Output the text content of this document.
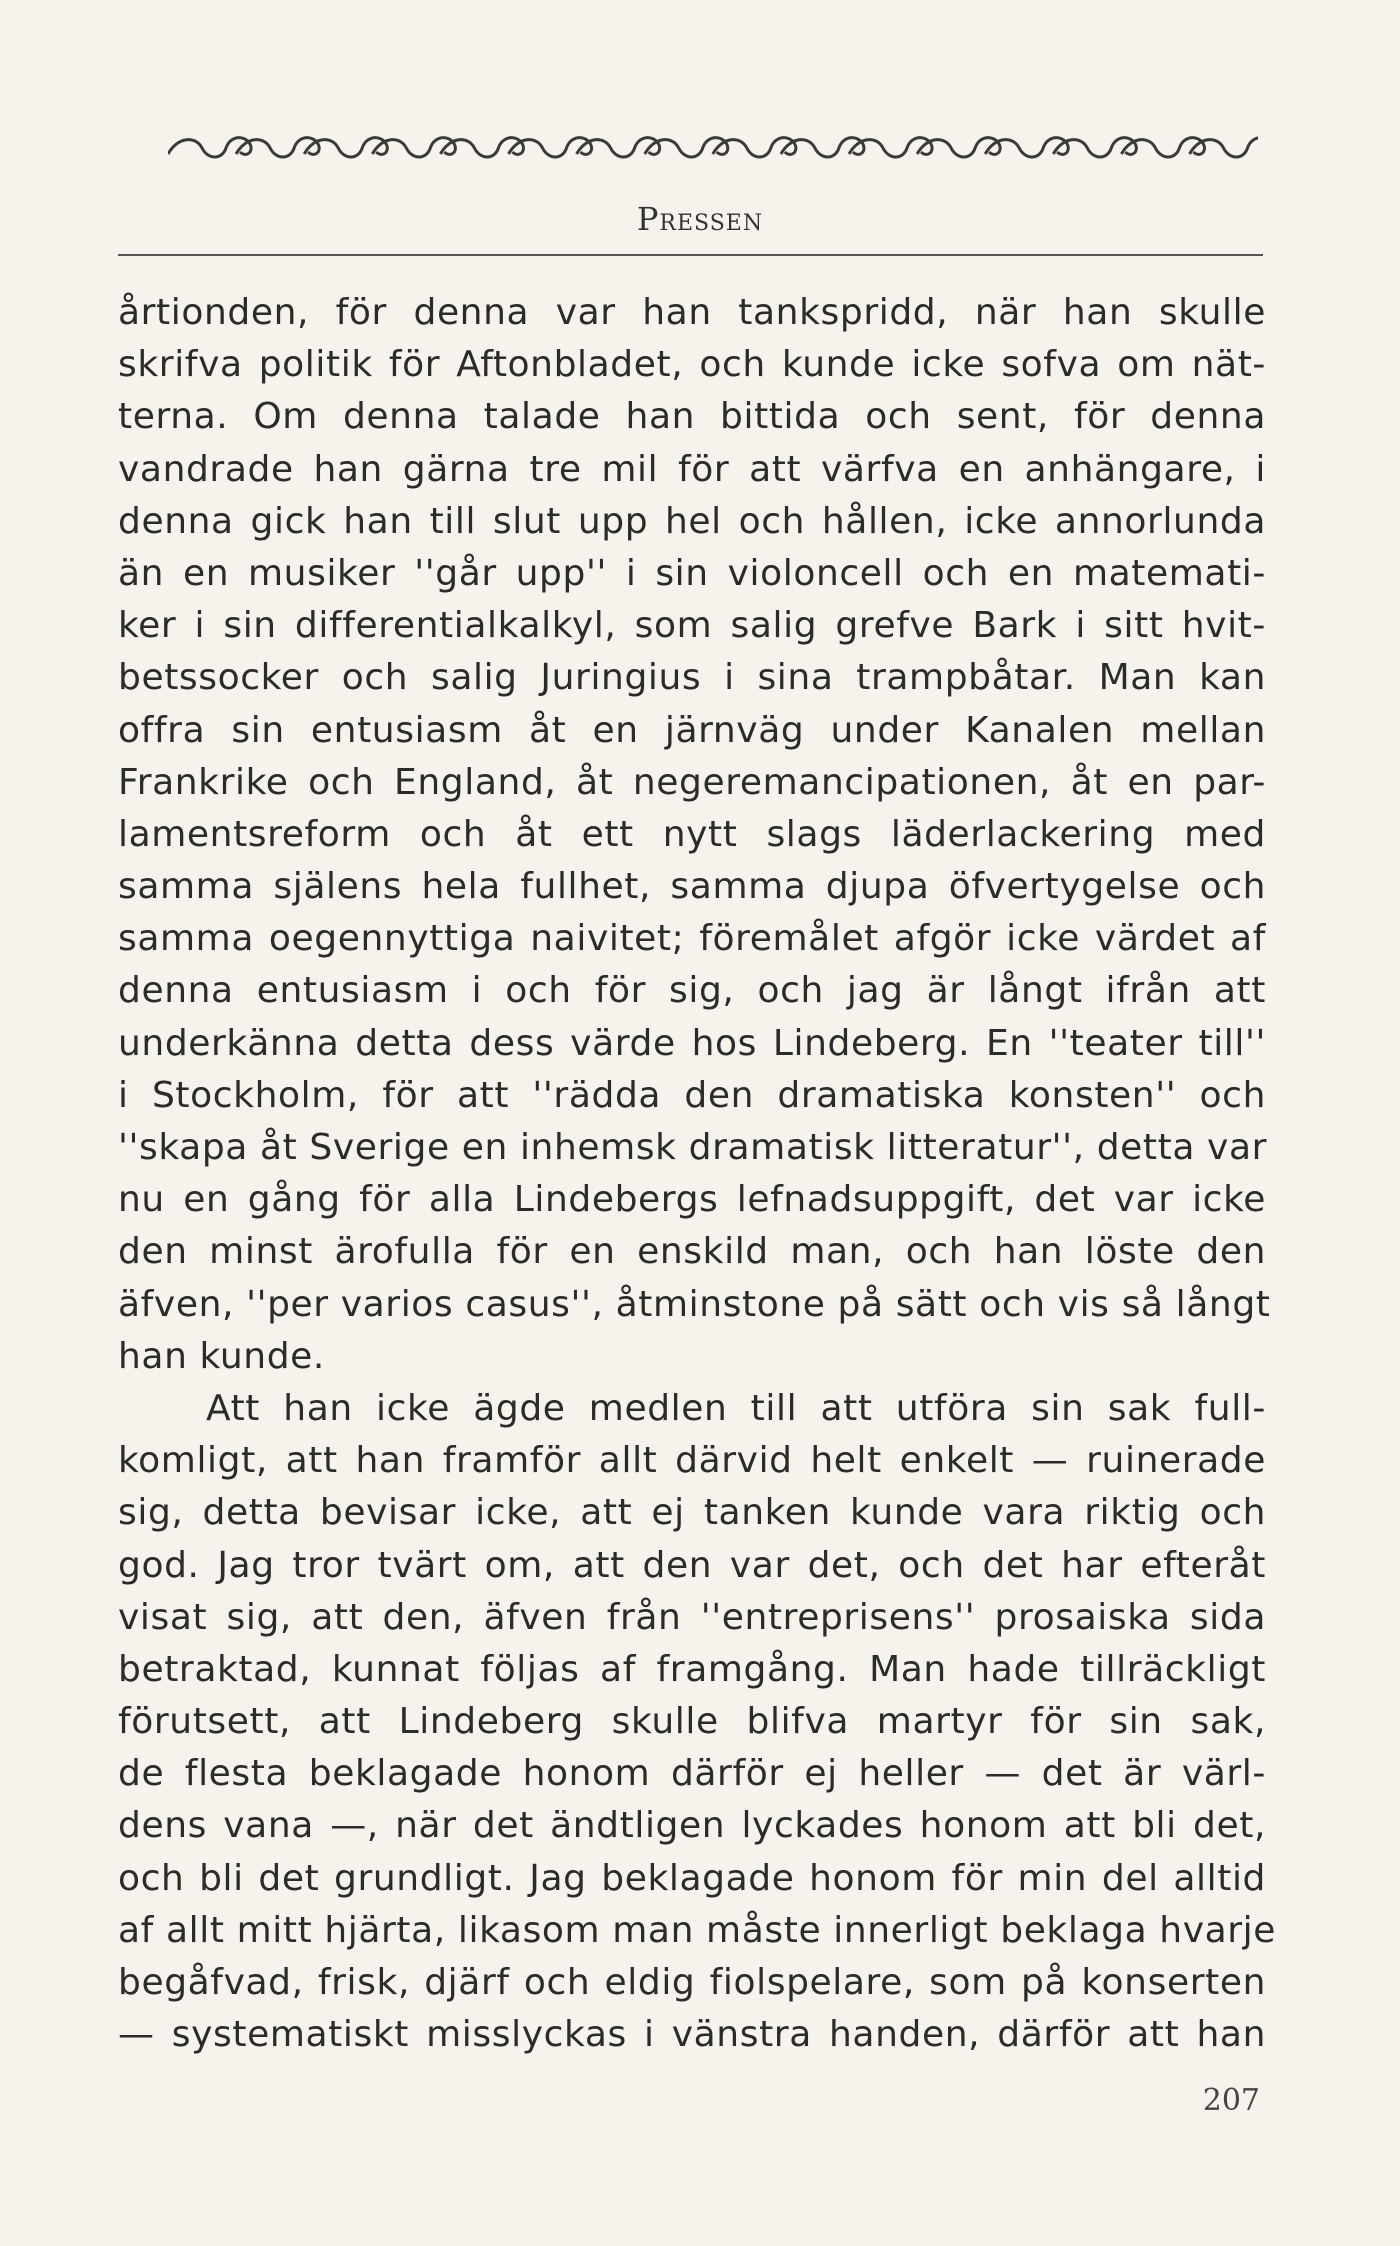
Pressen
årtionden, för denna var han tankspridd, när han skulle
skrifva politik för Aftonbladet, och kunde icke sofva om nät-
terna. Om denna talade han bittida och sent, för denna
vandrade han gärna tre mil för att värfva en anhängare, i
denna gick han till slut upp hel och hållen, icke annorlunda
än en musiker ''går upp'' i sin violoncell och en matemati-
ker i sin differentialkalkyl, som salig grefve Bark i sitt hvit-
betssocker och salig Juringius i sina trampbåtar. Man kan
offra sin entusiasm åt en järnväg under Kanalen mellan
Frankrike och England, åt negeremancipationen, åt en par-
lamentsreform och åt ett nytt slags läderlackering med
samma själens hela fullhet, samma djupa öfvertygelse och
samma oegennyttiga naivitet; föremålet afgör icke värdet af
denna entusiasm i och för sig, och jag är långt ifrån att
underkänna detta dess värde hos Lindeberg. En ''teater till''
i Stockholm, för att ''rädda den dramatiska konsten'' och
''skapa åt Sverige en inhemsk dramatisk litteratur'', detta var
nu en gång för alla Lindebergs lefnadsuppgift, det var icke
den minst ärofulla för en enskild man, och han löste den
äfven, ''per varios casus'', åtminstone på sätt och vis så långt
han kunde.
Att han icke ägde medlen till att utföra sin sak full-
komligt, att han framför allt därvid helt enkelt — ruinerade
sig, detta bevisar icke, att ej tanken kunde vara riktig och
god. Jag tror tvärt om, att den var det, och det har efteråt
visat sig, att den, äfven från ''entreprisens'' prosaiska sida
betraktad, kunnat följas af framgång. Man hade tillräckligt
förutsett, att Lindeberg skulle blifva martyr för sin sak,
de flesta beklagade honom därför ej heller — det är värl-
dens vana —, när det ändtligen lyckades honom att bli det,
och bli det grundligt. Jag beklagade honom för min del alltid
af allt mitt hjärta, likasom man måste innerligt beklaga hvarje
begåfvad, frisk, djärf och eldig fiolspelare, som på konserten
— systematiskt misslyckas i vänstra handen, därför att han
207
